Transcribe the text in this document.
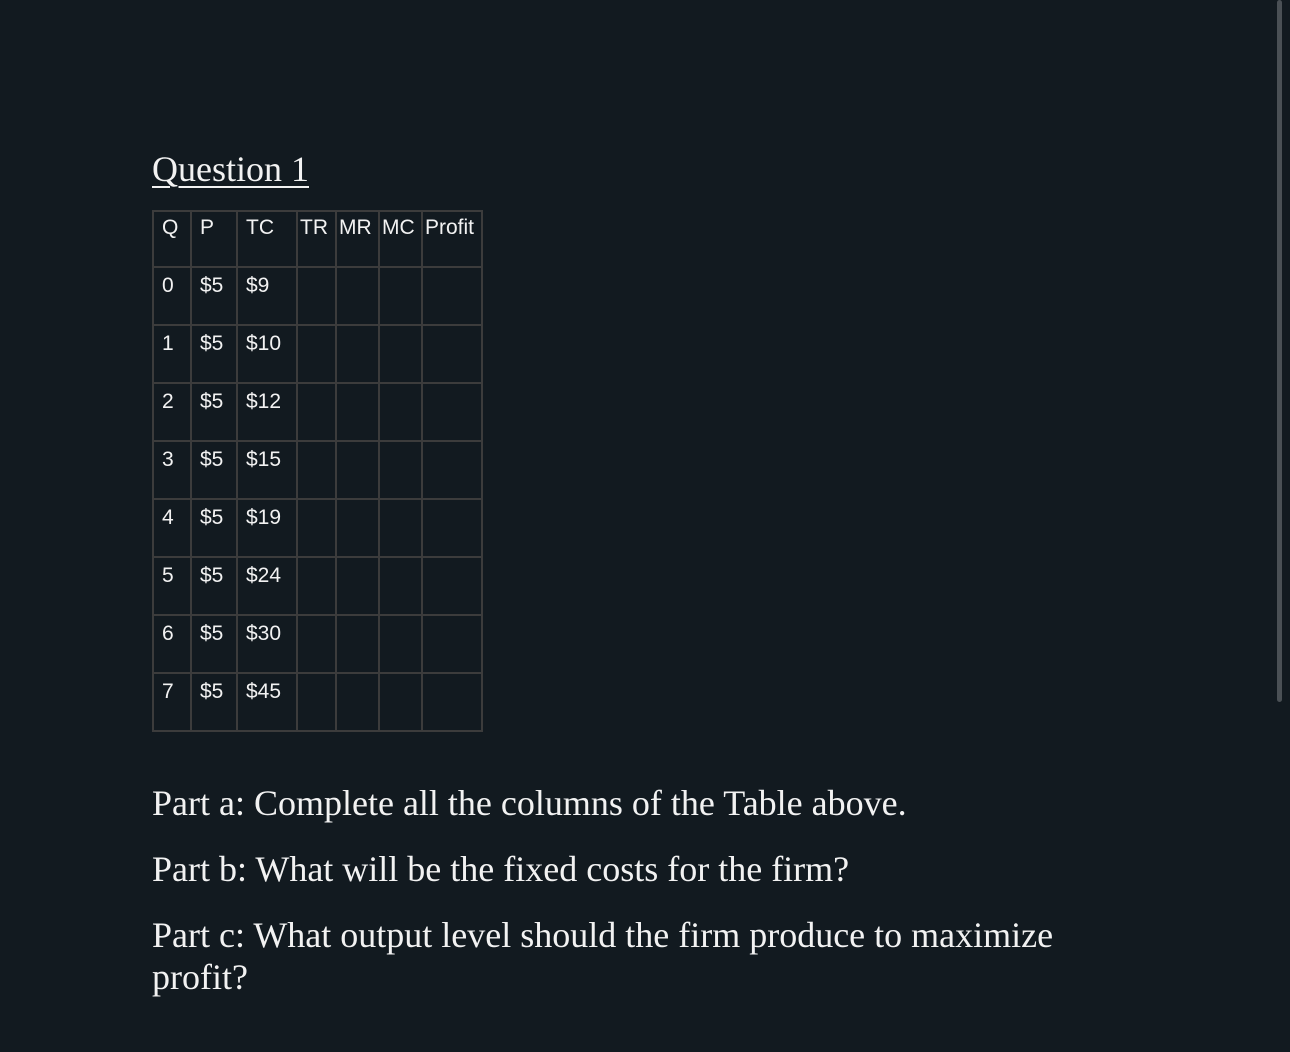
Question 1
Q	P	TC	TR	MR	MC	Profit
0	$5	$9				
1	$5	$10				
2	$5	$12				
3	$5	$15				
4	$5	$19				
5	$5	$24				
6	$5	$30				
7	$5	$45				

Part a: Complete all the columns of the Table above.

Part b: What will be the fixed costs for the firm?

Part c: What output level should the firm produce to maximize profit?
